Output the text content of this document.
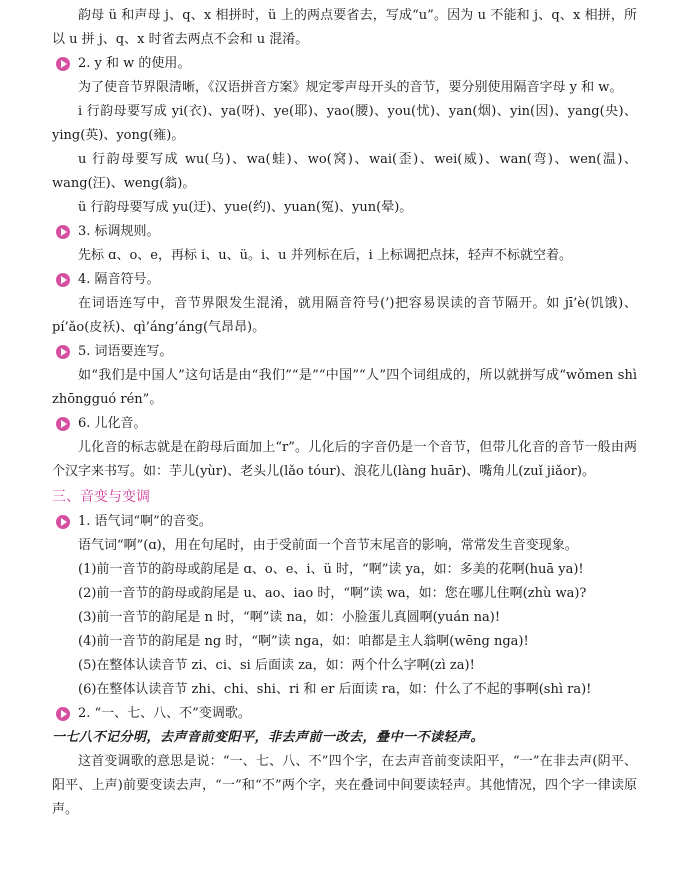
韵母 ü 和声母 j、q、x 相拼时，ü 上的两点要省去，写成“u”。因为 u 不能和 j、q、x 相拼，所以 u 拼 j、q、x 时省去两点不会和 u 混淆。

2. y 和 w 的使用。

为了使音节界限清晰，《汉语拼音方案》规定零声母开头的音节，要分别使用隔音字母 y 和 w。

i 行韵母要写成 yi(衣)、ya(呀)、ye(耶)、yao(腰)、you(忧)、yan(烟)、yin(因)、yang(央)、ying(英)、yong(雍)。

u 行韵母要写成 wu(乌)、wa(蛙)、wo(窝)、wai(歪)、wei(威)、wan(弯)、wen(温)、wang(汪)、weng(翁)。

ü 行韵母要写成 yu(迂)、yue(约)、yuan(冤)、yun(晕)。

3. 标调规则。

先标 ɑ、o、e，再标 i、u、ü。i、u 并列标在后，i 上标调把点抹，轻声不标就空着。

4. 隔音符号。

在词语连写中，音节界限发生混淆，就用隔音符号(’)把容易误读的音节隔开。如 jī’è(饥饿)、pí’ǎo(皮袄)、qì’áng’áng(气昂昂)。

5. 词语要连写。

如“我们是中国人”这句话是由“我们”“是”“中国”“人”四个词组成的，所以就拼写成“wǒmen shì zhōngguó rén”。

6. 儿化音。

儿化音的标志就是在韵母后面加上“r”。儿化后的字音仍是一个音节，但带儿化音的音节一般由两个汉字来书写。如：芋儿(yùr)、老头儿(lǎo tóur)、浪花儿(làng huār)、嘴角儿(zuǐ jiǎor)。

三、音变与变调

1. 语气词“啊”的音变。

语气词“啊”(ɑ)，用在句尾时，由于受前面一个音节末尾音的影响，常常发生音变现象。

(1)前一音节的韵母或韵尾是 ɑ、o、e、i、ü 时，“啊”读 ya，如：多美的花啊(huā ya)!

(2)前一音节的韵母或韵尾是 u、ao、iao 时，“啊”读 wa，如：您在哪儿住啊(zhù wa)?

(3)前一音节的韵尾是 n 时，“啊”读 na，如：小脸蛋儿真圆啊(yuán na)!

(4)前一音节的韵尾是 ng 时，“啊”读 nga，如：咱都是主人翁啊(wēng nga)!

(5)在整体认读音节 zi、ci、si 后面读 za，如：两个什么字啊(zì za)!

(6)在整体认读音节 zhi、chi、shi、ri 和 er 后面读 ra，如：什么了不起的事啊(shì ra)!

2. “一、七、八、不”变调歌。

一七八不记分明，去声音前变阳平，非去声前一改去，叠中一不读轻声。

这首变调歌的意思是说：“一、七、八、不”四个字，在去声音前变读阳平，“一”在非去声(阴平、阳平、上声)前要变读去声，“一”和“不”两个字，夹在叠词中间要读轻声。其他情况，四个字一律读原声。
